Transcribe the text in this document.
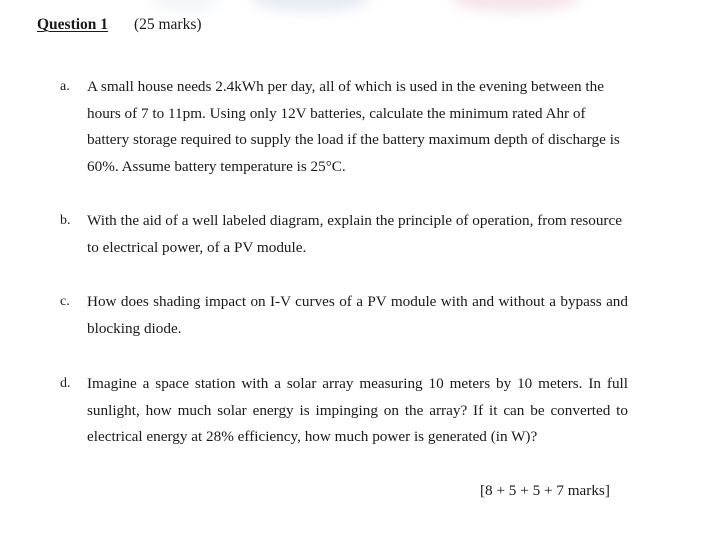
Question 1 (25 marks)
a.	A small house needs 2.4kWh per day, all of which is used in the evening between the hours of 7 to 11pm. Using only 12V batteries, calculate the minimum rated Ahr of battery storage required to supply the load if the battery maximum depth of discharge is 60%. Assume battery temperature is 25°C.
b.	With the aid of a well labeled diagram, explain the principle of operation, from resource to electrical power, of a PV module.
c.	How does shading impact on I-V curves of a PV module with and without a bypass and blocking diode.
d.	Imagine a space station with a solar array measuring 10 meters by 10 meters. In full sunlight, how much solar energy is impinging on the array? If it can be converted to electrical energy at 28% efficiency, how much power is generated (in W)?
[8 + 5 + 5 + 7 marks]
